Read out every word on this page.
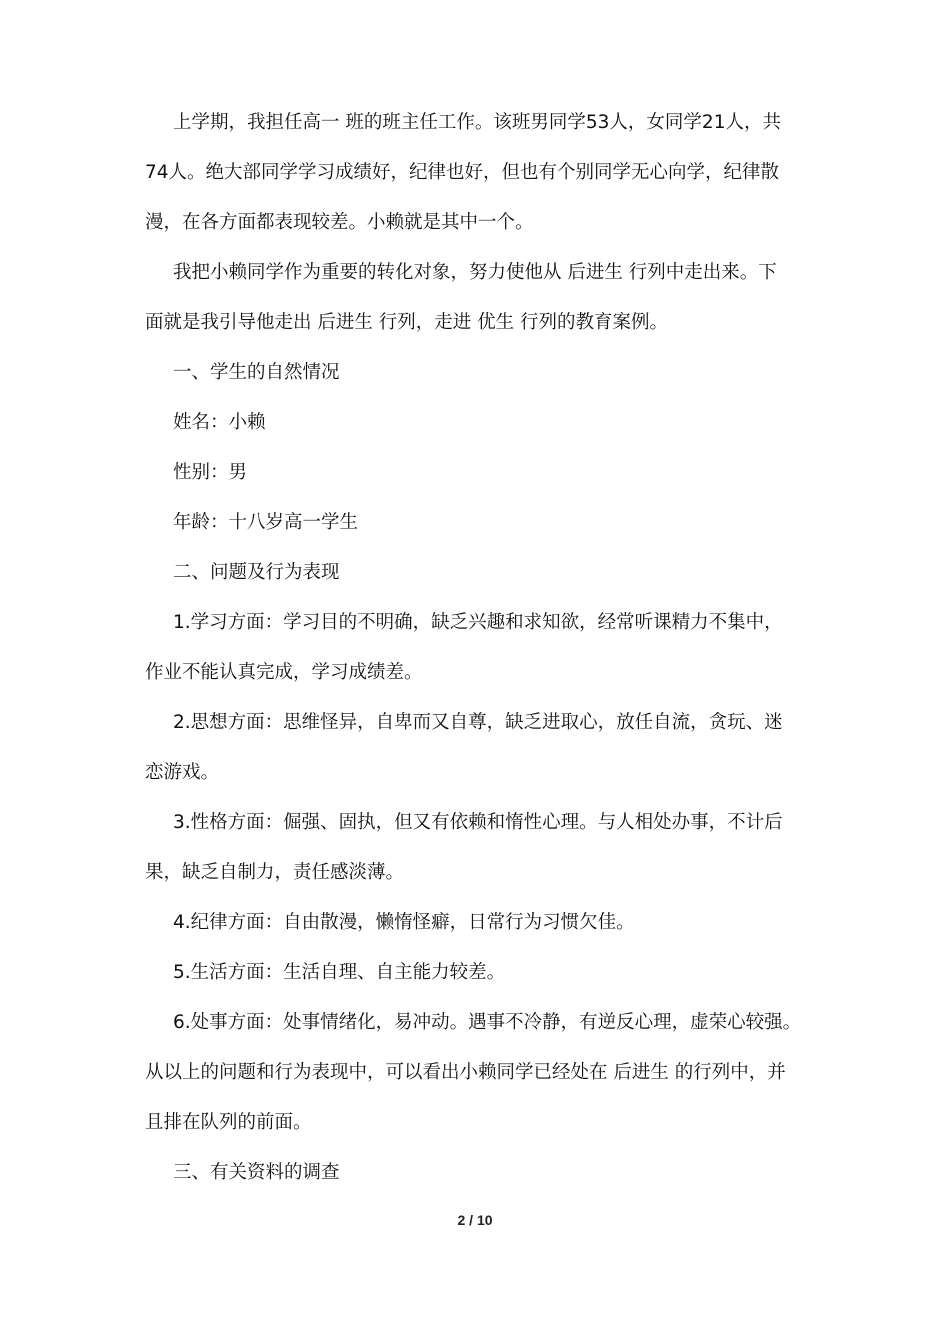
上学期，我担任高一 班的班主任工作。该班男同学53人，女同学21人，共
74人。绝大部同学学习成绩好，纪律也好，但也有个别同学无心向学，纪律散
漫，在各方面都表现较差。小赖就是其中一个。
我把小赖同学作为重要的转化对象，努力使他从 后进生 行列中走出来。下
面就是我引导他走出 后进生 行列，走进 优生 行列的教育案例。
一、学生的自然情况
姓名：小赖
性别：男
年龄：十八岁高一学生
二、问题及行为表现
1.学习方面：学习目的不明确，缺乏兴趣和求知欲，经常听课精力不集中，
作业不能认真完成，学习成绩差。
2.思想方面：思维怪异，自卑而又自尊，缺乏进取心，放任自流，贪玩、迷
恋游戏。
3.性格方面：倔强、固执，但又有依赖和惰性心理。与人相处办事，不计后
果，缺乏自制力，责任感淡薄。
4.纪律方面：自由散漫，懒惰怪癖，日常行为习惯欠佳。
5.生活方面：生活自理、自主能力较差。
6.处事方面：处事情绪化，易冲动。遇事不冷静，有逆反心理，虚荣心较强。
从以上的问题和行为表现中，可以看出小赖同学已经处在 后进生 的行列中，并
且排在队列的前面。
三、有关资料的调查
2 / 10
